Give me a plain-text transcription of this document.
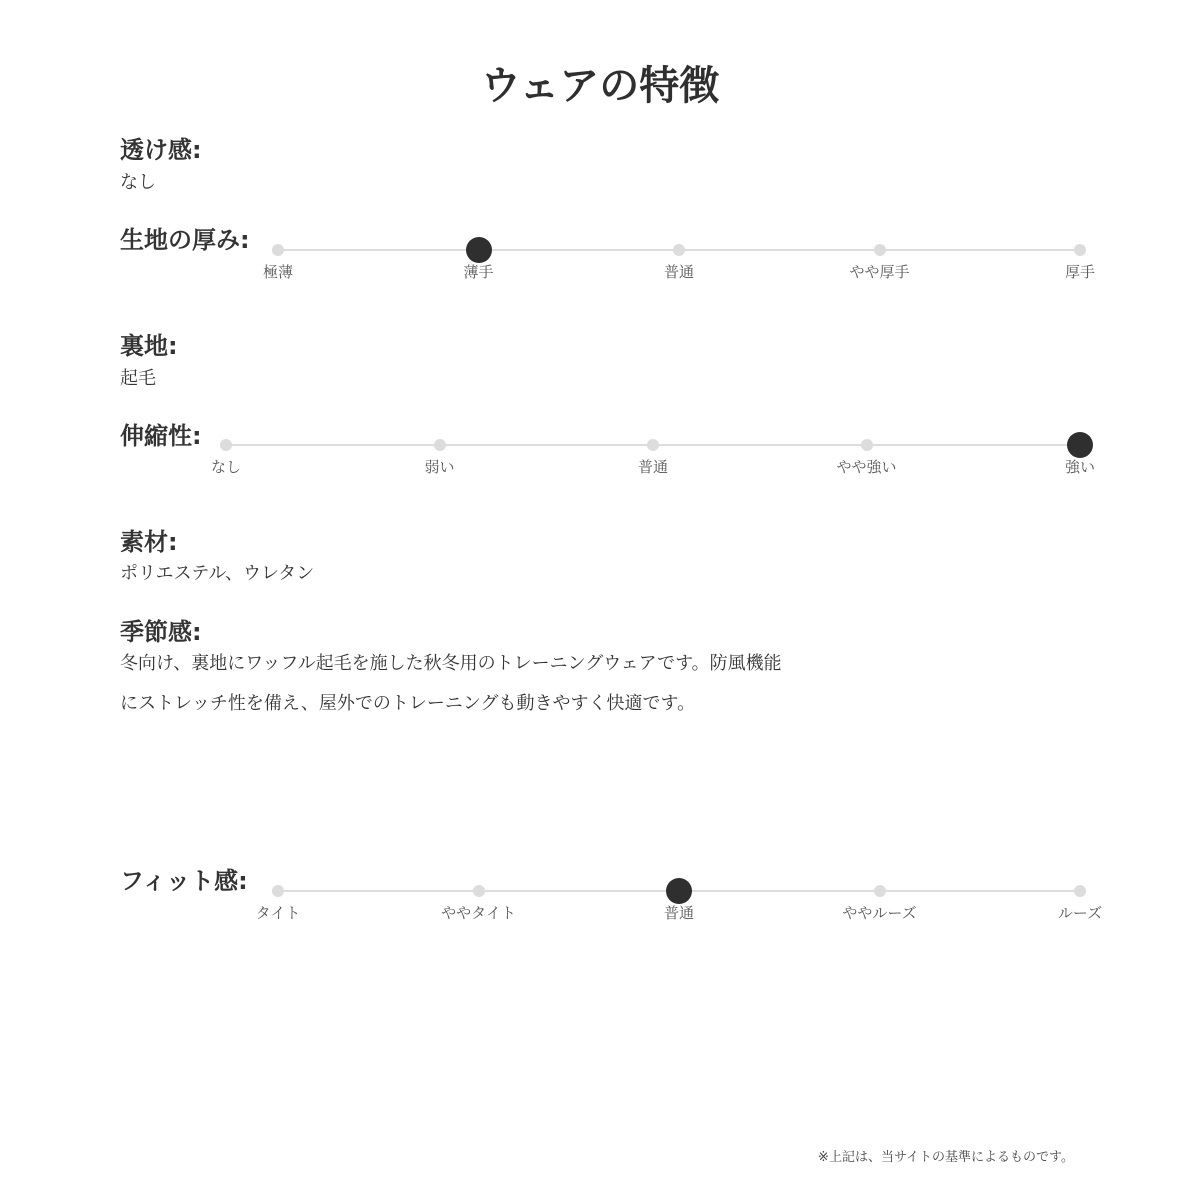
ウェアの特徴
透け感:
なし
生地の厚み:
裏地:
起毛
伸縮性:
素材:
ポリエステル、ウレタン
季節感:
冬向け、裏地にワッフル起毛を施した秋冬用のトレーニングウェアです。防風機能
にストレッチ性を備え、屋外でのトレーニングも動きやすく快適です。
フィット感:
※上記は、当サイトの基準によるものです。
極薄	薄手	普通	やや厚手	厚手
なし	弱い	普通	やや強い	強い
タイト	ややタイト	普通	ややルーズ	ルーズ
